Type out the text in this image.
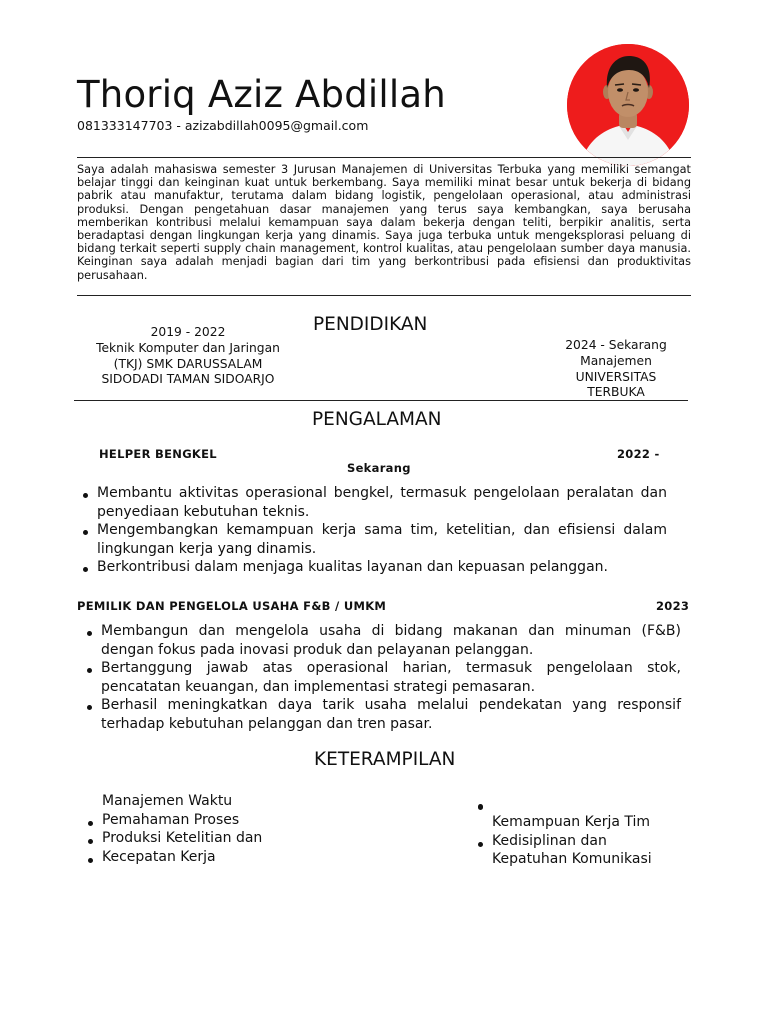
Thoriq Aziz Abdillah
081333147703 - azizabdillah0095@gmail.com
Saya adalah mahasiswa semester 3 Jurusan Manajemen di Universitas Terbuka yang memiliki semangat belajar tinggi dan keinginan kuat untuk berkembang. Saya memiliki minat besar untuk bekerja di bidang pabrik atau manufaktur, terutama dalam bidang logistik, pengelolaan operasional, atau administrasi produksi. Dengan pengetahuan dasar manajemen yang terus saya kembangkan, saya berusaha memberikan kontribusi melalui kemampuan saya dalam bekerja dengan teliti, berpikir analitis, serta beradaptasi dengan lingkungan kerja yang dinamis. Saya juga terbuka untuk mengeksplorasi peluang di bidang terkait seperti supply chain management, kontrol kualitas, atau pengelolaan sumber daya manusia. Keinginan saya adalah menjadi bagian dari tim yang berkontribusi pada efisiensi dan produktivitas perusahaan.
PENDIDIKAN
2019 - 2022
Teknik Komputer dan Jaringan
(TKJ) SMK DARUSSALAM
SIDODADI TAMAN SIDOARJO
2024 - Sekarang
Manajemen
UNIVERSITAS
TERBUKA
PENGALAMAN
HELPER BENGKEL	2022 -
Sekarang
Membantu aktivitas operasional bengkel, termasuk pengelolaan peralatan dan penyediaan kebutuhan teknis.
Mengembangkan kemampuan kerja sama tim, ketelitian, dan efisiensi dalam lingkungan kerja yang dinamis.
Berkontribusi dalam menjaga kualitas layanan dan kepuasan pelanggan.
PEMILIK DAN PENGELOLA USAHA F&B / UMKM	2023
Membangun dan mengelola usaha di bidang makanan dan minuman (F&B) dengan fokus pada inovasi produk dan pelayanan pelanggan.
Bertanggung jawab atas operasional harian, termasuk pengelolaan stok, pencatatan keuangan, dan implementasi strategi pemasaran.
Berhasil meningkatkan daya tarik usaha melalui pendekatan yang responsif terhadap kebutuhan pelanggan dan tren pasar.
KETERAMPILAN
Manajemen Waktu
Pemahaman Proses
Produksi Ketelitian dan
Kecepatan Kerja
Kemampuan Kerja Tim
Kedisiplinan dan
Kepatuhan Komunikasi
